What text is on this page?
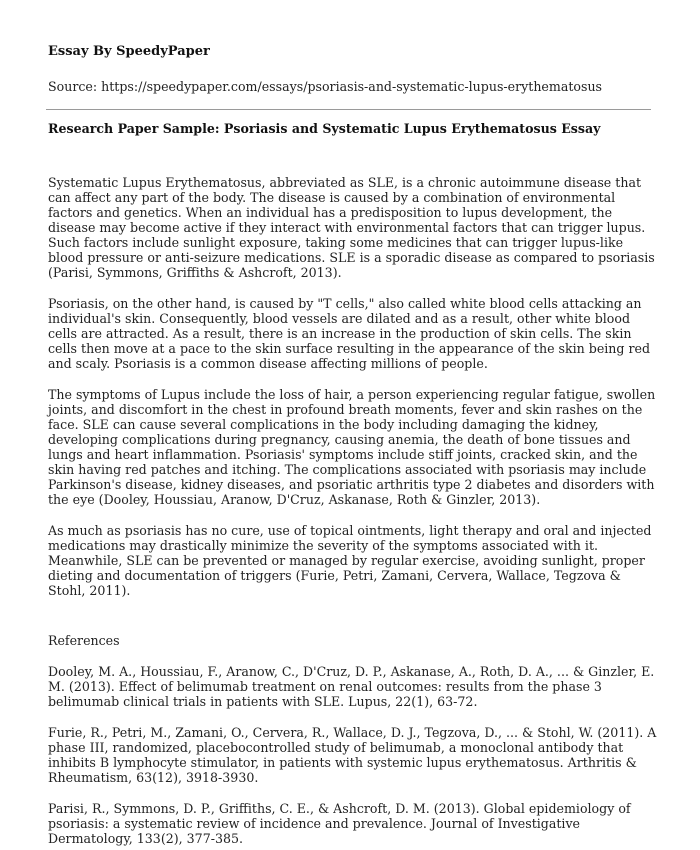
Essay By SpeedyPaper
Source: https://speedypaper.com/essays/psoriasis-and-systematic-lupus-erythematosus
Research Paper Sample: Psoriasis and Systematic Lupus Erythematosus Essay

Systematic Lupus Erythematosus, abbreviated as SLE, is a chronic autoimmune disease that can affect any part of the body. The disease is caused by a combination of environmental factors and genetics. When an individual has a predisposition to lupus development, the disease may become active if they interact with environmental factors that can trigger lupus. Such factors include sunlight exposure, taking some medicines that can trigger lupus-like blood pressure or anti-seizure medications. SLE is a sporadic disease as compared to psoriasis (Parisi, Symmons, Griffiths & Ashcroft, 2013).

Psoriasis, on the other hand, is caused by "T cells," also called white blood cells attacking an individual's skin. Consequently, blood vessels are dilated and as a result, other white blood cells are attracted. As a result, there is an increase in the production of skin cells. The skin cells then move at a pace to the skin surface resulting in the appearance of the skin being red and scaly. Psoriasis is a common disease affecting millions of people.

The symptoms of Lupus include the loss of hair, a person experiencing regular fatigue, swollen joints, and discomfort in the chest in profound breath moments, fever and skin rashes on the face. SLE can cause several complications in the body including damaging the kidney, developing complications during pregnancy, causing anemia, the death of bone tissues and lungs and heart inflammation. Psoriasis' symptoms include stiff joints, cracked skin, and the skin having red patches and itching. The complications associated with psoriasis may include Parkinson's disease, kidney diseases, and psoriatic arthritis type 2 diabetes and disorders with the eye (Dooley, Houssiau, Aranow, D'Cruz, Askanase, Roth & Ginzler, 2013).

As much as psoriasis has no cure, use of topical ointments, light therapy and oral and injected medications may drastically minimize the severity of the symptoms associated with it. Meanwhile, SLE can be prevented or managed by regular exercise, avoiding sunlight, proper dieting and documentation of triggers (Furie, Petri, Zamani, Cervera, Wallace, Tegzova & Stohl, 2011).

References

Dooley, M. A., Houssiau, F., Aranow, C., D'Cruz, D. P., Askanase, A., Roth, D. A., ... & Ginzler, E. M. (2013). Effect of belimumab treatment on renal outcomes: results from the phase 3 belimumab clinical trials in patients with SLE. Lupus, 22(1), 63-72.

Furie, R., Petri, M., Zamani, O., Cervera, R., Wallace, D. J., Tegzova, D., ... & Stohl, W. (2011). A phase III, randomized, placebocontrolled study of belimumab, a monoclonal antibody that inhibits B lymphocyte stimulator, in patients with systemic lupus erythematosus. Arthritis & Rheumatism, 63(12), 3918-3930.

Parisi, R., Symmons, D. P., Griffiths, C. E., & Ashcroft, D. M. (2013). Global epidemiology of psoriasis: a systematic review of incidence and prevalence. Journal of Investigative Dermatology, 133(2), 377-385.
